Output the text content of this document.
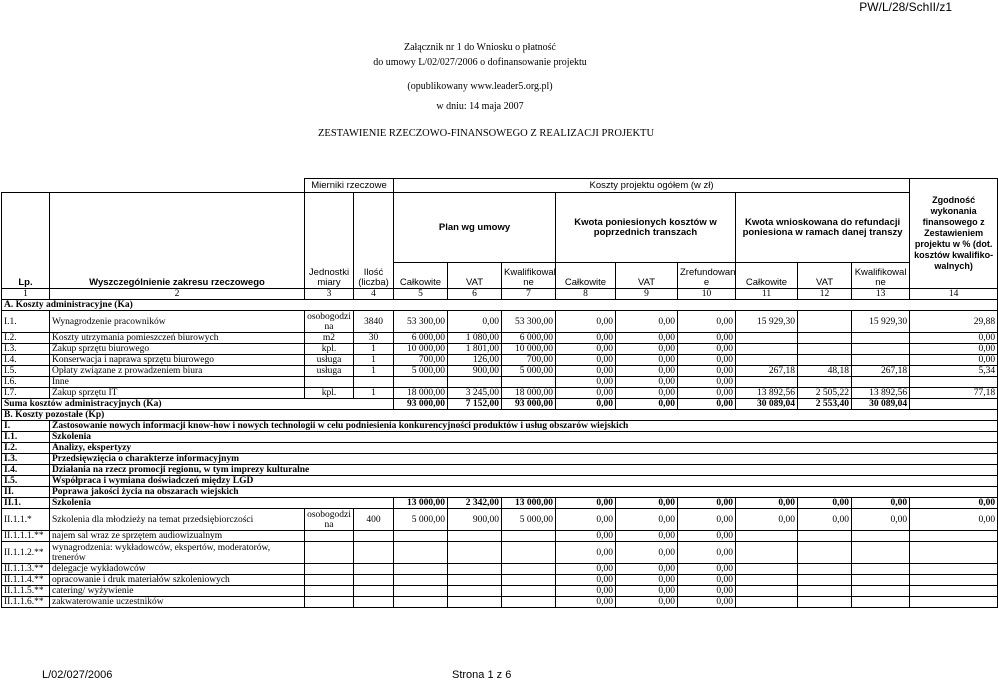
PW/L/28/SchII/z1
Załącznik nr 1 do Wniosku o płatność
do umowy L/02/027/2006 o dofinansowanie projektu
(opublikowany www.leader5.org.pl)
w dniu: 14 maja 2007
ZESTAWIENIE RZECZOWO-FINANSOWEGO Z REALIZACJI PROJEKTU
		Mierniki rzeczowe		Koszty projektu ogółem (w zł)									Zgodność wykonania finansowego z Zestawieniem projektu w % (dot. kosztów kwalifiko-walnych)
Lp.	Wyszczególnienie zakresu rzeczowego	Jednostki miary	Ilość (liczba)	Plan wg umowy			Kwota poniesionych kosztów w poprzednich transzach			Kwota wnioskowana do refundacji poniesiona w ramach danej transzy			
				Całkowite	VAT	Kwalifikowal ne	Całkowite	VAT	Zrefundowan e	Całkowite	VAT	Kwalifikowal ne	
1	2	3	4	5	6	7	8	9	10	11	12	13	14
A. Koszty administracyjne (Ka)													
I.1.	Wynagrodzenie pracowników	osobogodzi na	3840	53 300,00	0,00	53 300,00	0,00	0,00	0,00	15 929,30		15 929,30	29,88
I.2.	Koszty utrzymania pomieszczeń biurowych	m2	30	6 000,00	1 080,00	6 000,00	0,00	0,00	0,00				0,00
I.3.	Zakup sprzętu biurowego	kpl.	1	10 000,00	1 801,00	10 000,00	0,00	0,00	0,00				0,00
I.4.	Konserwacja i naprawa sprzętu biurowego	usługa	1	700,00	126,00	700,00	0,00	0,00	0,00				0,00
I.5.	Opłaty związane z prowadzeniem biura	usługa	1	5 000,00	900,00	5 000,00	0,00	0,00	0,00	267,18	48,18	267,18	5,34
I.6.	Inne						0,00	0,00	0,00				
I.7.	Zakup sprzętu IT	kpl.	1	18 000,00	3 245,00	18 000,00	0,00	0,00	0,00	13 892,56	2 505,22	13 892,56	77,18
Suma kosztów administracyjnych (Ka)				93 000,00	7 152,00	93 000,00	0,00	0,00	0,00	30 089,04	2 553,40	30 089,04	
B. Koszty pozostałe (Kp)													
I.	Zastosowanie nowych informacji know-how i nowych technologii w celu podniesienia konkurencyjności produktów i usług obszarów wiejskich												
I.1.	Szkolenia												
I.2.	Analizy, ekspertyzy												
I.3.	Przedsięwzięcia o charakterze informacyjnym												
I.4.	Działania na rzecz promocji regionu, w tym imprezy kulturalne												
I.5.	Współpraca i wymiana doświadczeń między LGD												
II.	Poprawa jakości życia na obszarach wiejskich												
II.1.	Szkolenia			13 000,00	2 342,00	13 000,00	0,00	0,00	0,00	0,00	0,00	0,00	0,00
II.1.1.*	Szkolenia dla młodzieży na temat przedsiębiorczości	osobogodzi na	400	5 000,00	900,00	5 000,00	0,00	0,00	0,00	0,00	0,00	0,00	0,00
II.1.1.1.**	najem sal wraz ze sprzętem audiowizualnym						0,00	0,00	0,00				
II.1.1.2.**	wynagrodzenia: wykładowców, ekspertów, moderatorów, trenerów						0,00	0,00	0,00				
II.1.1.3.**	delegacje wykładowców						0,00	0,00	0,00				
II.1.1.4.**	opracowanie i druk materiałów szkoleniowych						0,00	0,00	0,00				
II.1.1.5.**	catering/ wyżywienie						0,00	0,00	0,00				
II.1.1.6.**	zakwaterowanie uczestników						0,00	0,00	0,00				
L/02/027/2006	Strona 1 z 6
